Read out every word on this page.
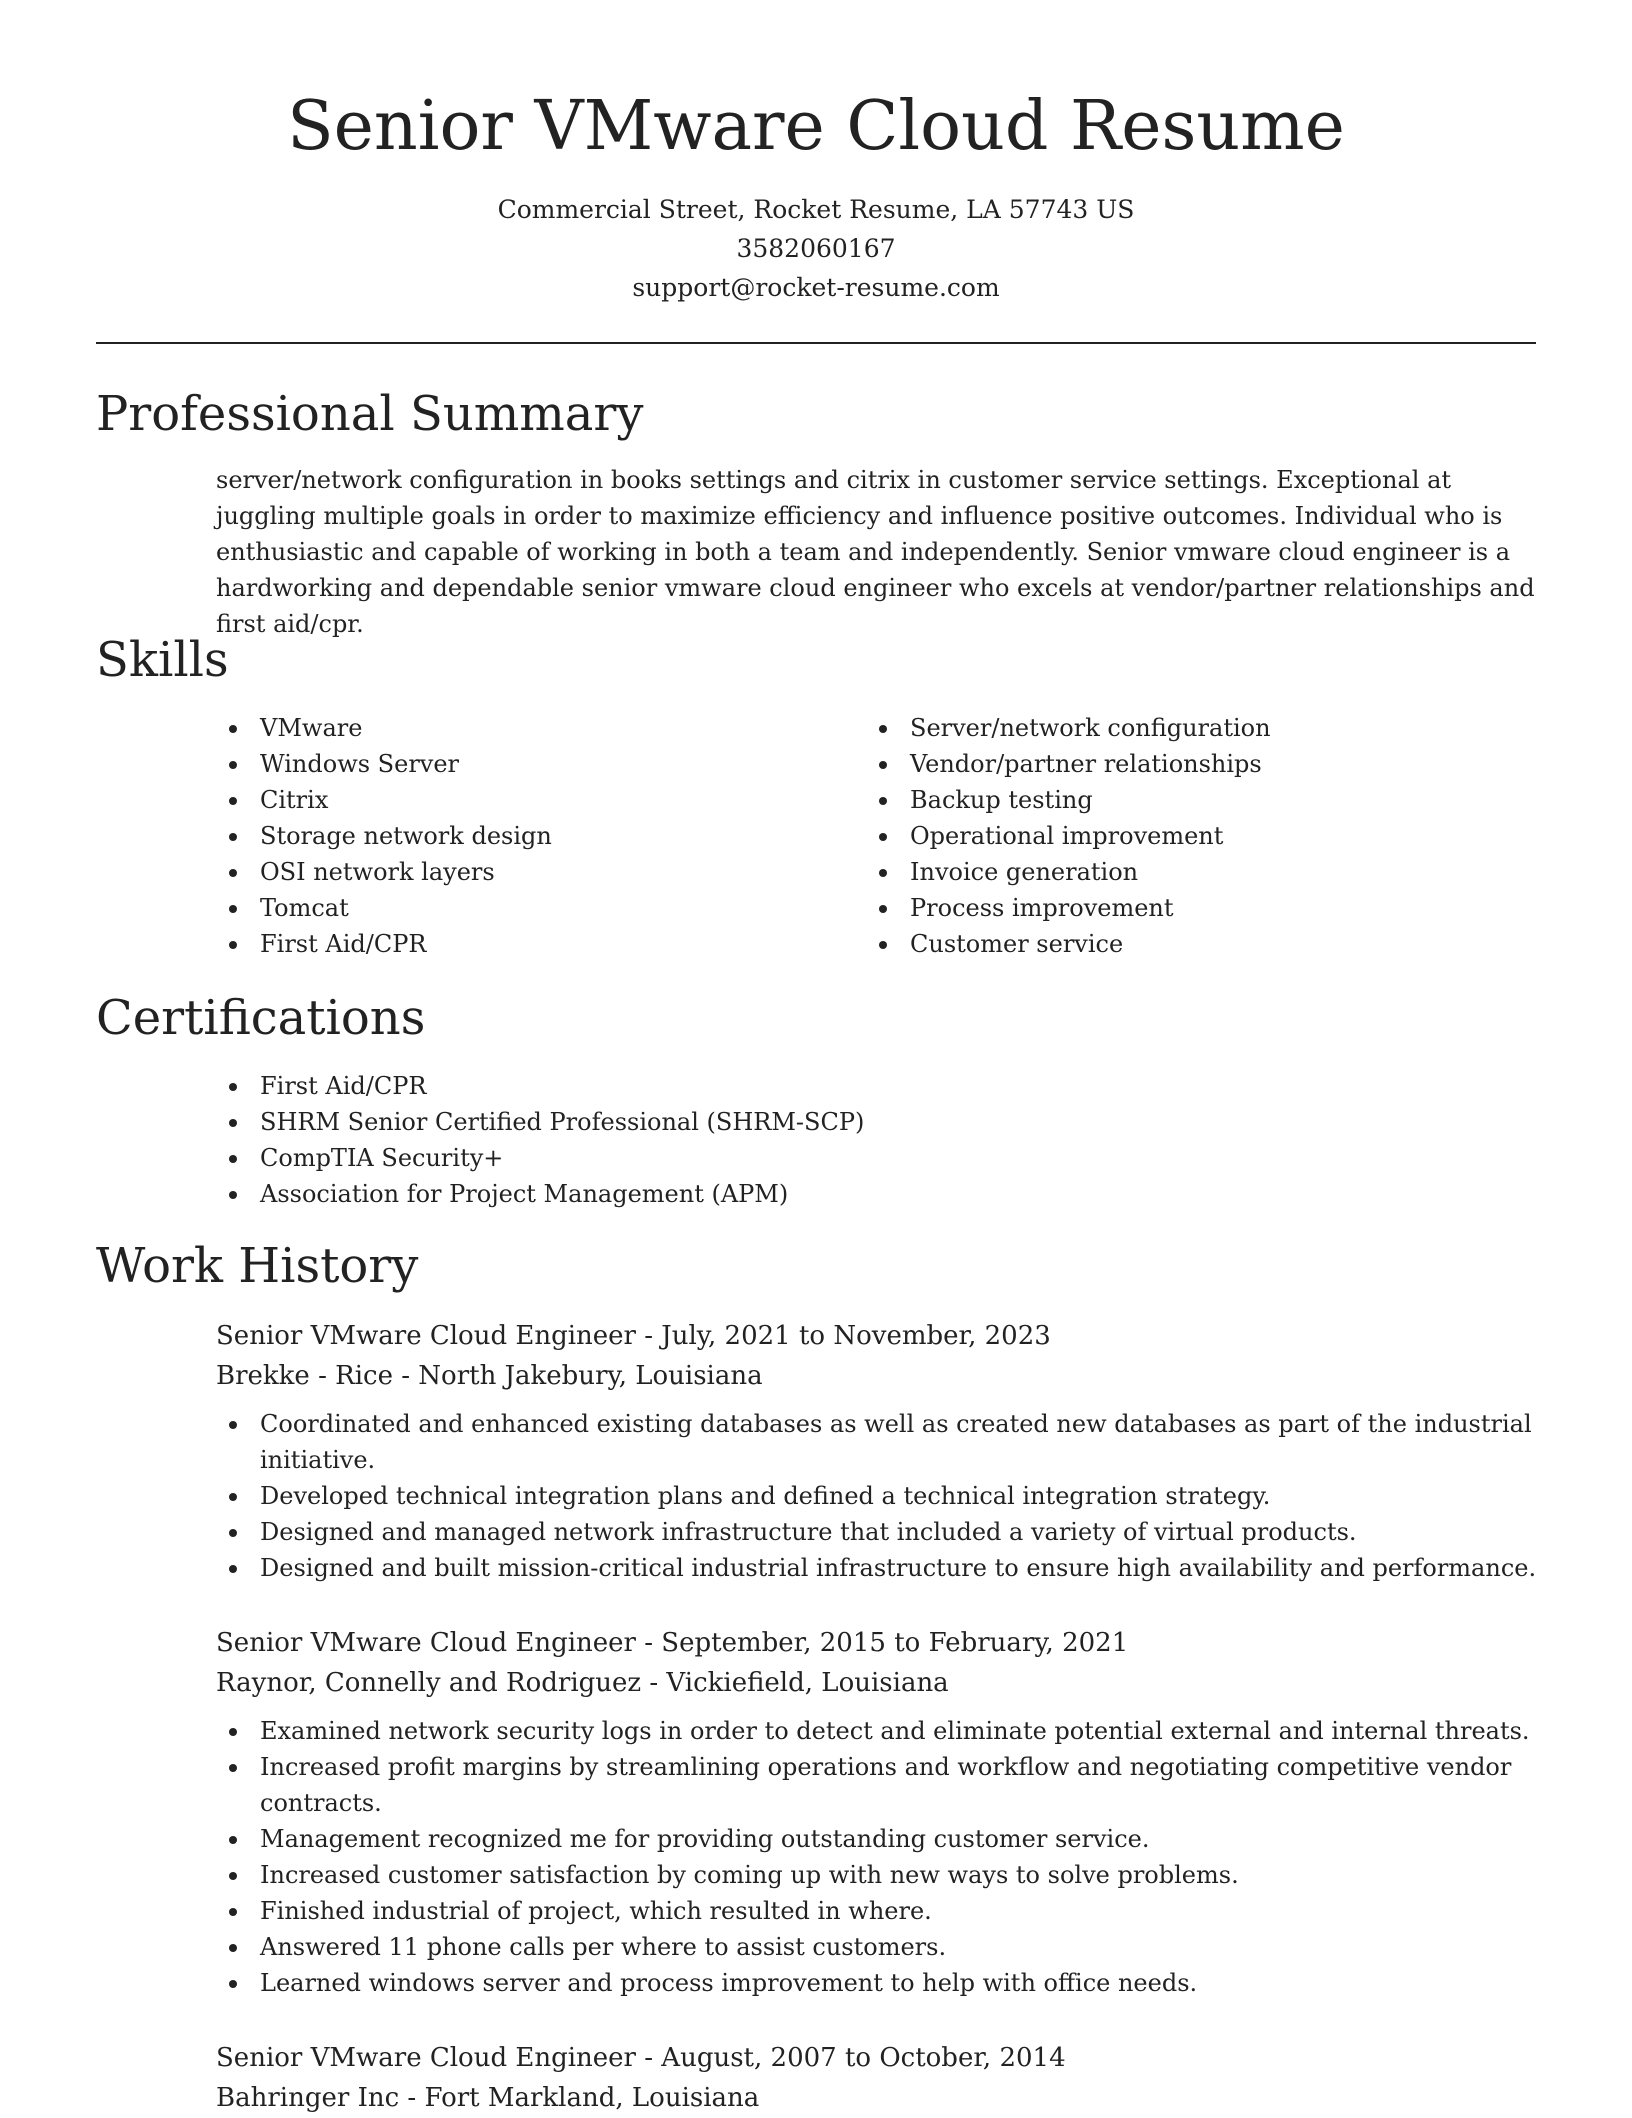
Senior VMware Cloud Resume
Commercial Street, Rocket Resume, LA 57743 US
3582060167
support@rocket-resume.com
Professional Summary

server/network configuration in books settings and citrix in customer service settings. Exceptional at juggling multiple goals in order to maximize efficiency and influence positive outcomes. Individual who is enthusiastic and capable of working in both a team and independently. Senior vmware cloud engineer is a hardworking and dependable senior vmware cloud engineer who excels at vendor/partner relationships and first aid/cpr.

Skills
VMware
Windows Server
Citrix
Storage network design
OSI network layers
Tomcat
First Aid/CPR
Server/network configuration
Vendor/partner relationships
Backup testing
Operational improvement
Invoice generation
Process improvement
Customer service
Certifications
First Aid/CPR
SHRM Senior Certified Professional (SHRM-SCP)
CompTIA Security+
Association for Project Management (APM)
Work History

Senior VMware Cloud Engineer - July, 2021 to November, 2023

Brekke - Rice - North Jakebury, Louisiana

Coordinated and enhanced existing databases as well as created new databases as part of the industrial initiative.
Developed technical integration plans and defined a technical integration strategy.
Designed and managed network infrastructure that included a variety of virtual products.
Designed and built mission-critical industrial infrastructure to ensure high availability and performance.

Senior VMware Cloud Engineer - September, 2015 to February, 2021

Raynor, Connelly and Rodriguez - Vickiefield, Louisiana

Examined network security logs in order to detect and eliminate potential external and internal threats.
Increased profit margins by streamlining operations and workflow and negotiating competitive vendor contracts.
Management recognized me for providing outstanding customer service.
Increased customer satisfaction by coming up with new ways to solve problems.
Finished industrial of project, which resulted in where.
Answered 11 phone calls per where to assist customers.
Learned windows server and process improvement to help with office needs.

Senior VMware Cloud Engineer - August, 2007 to October, 2014

Bahringer Inc - Fort Markland, Louisiana
